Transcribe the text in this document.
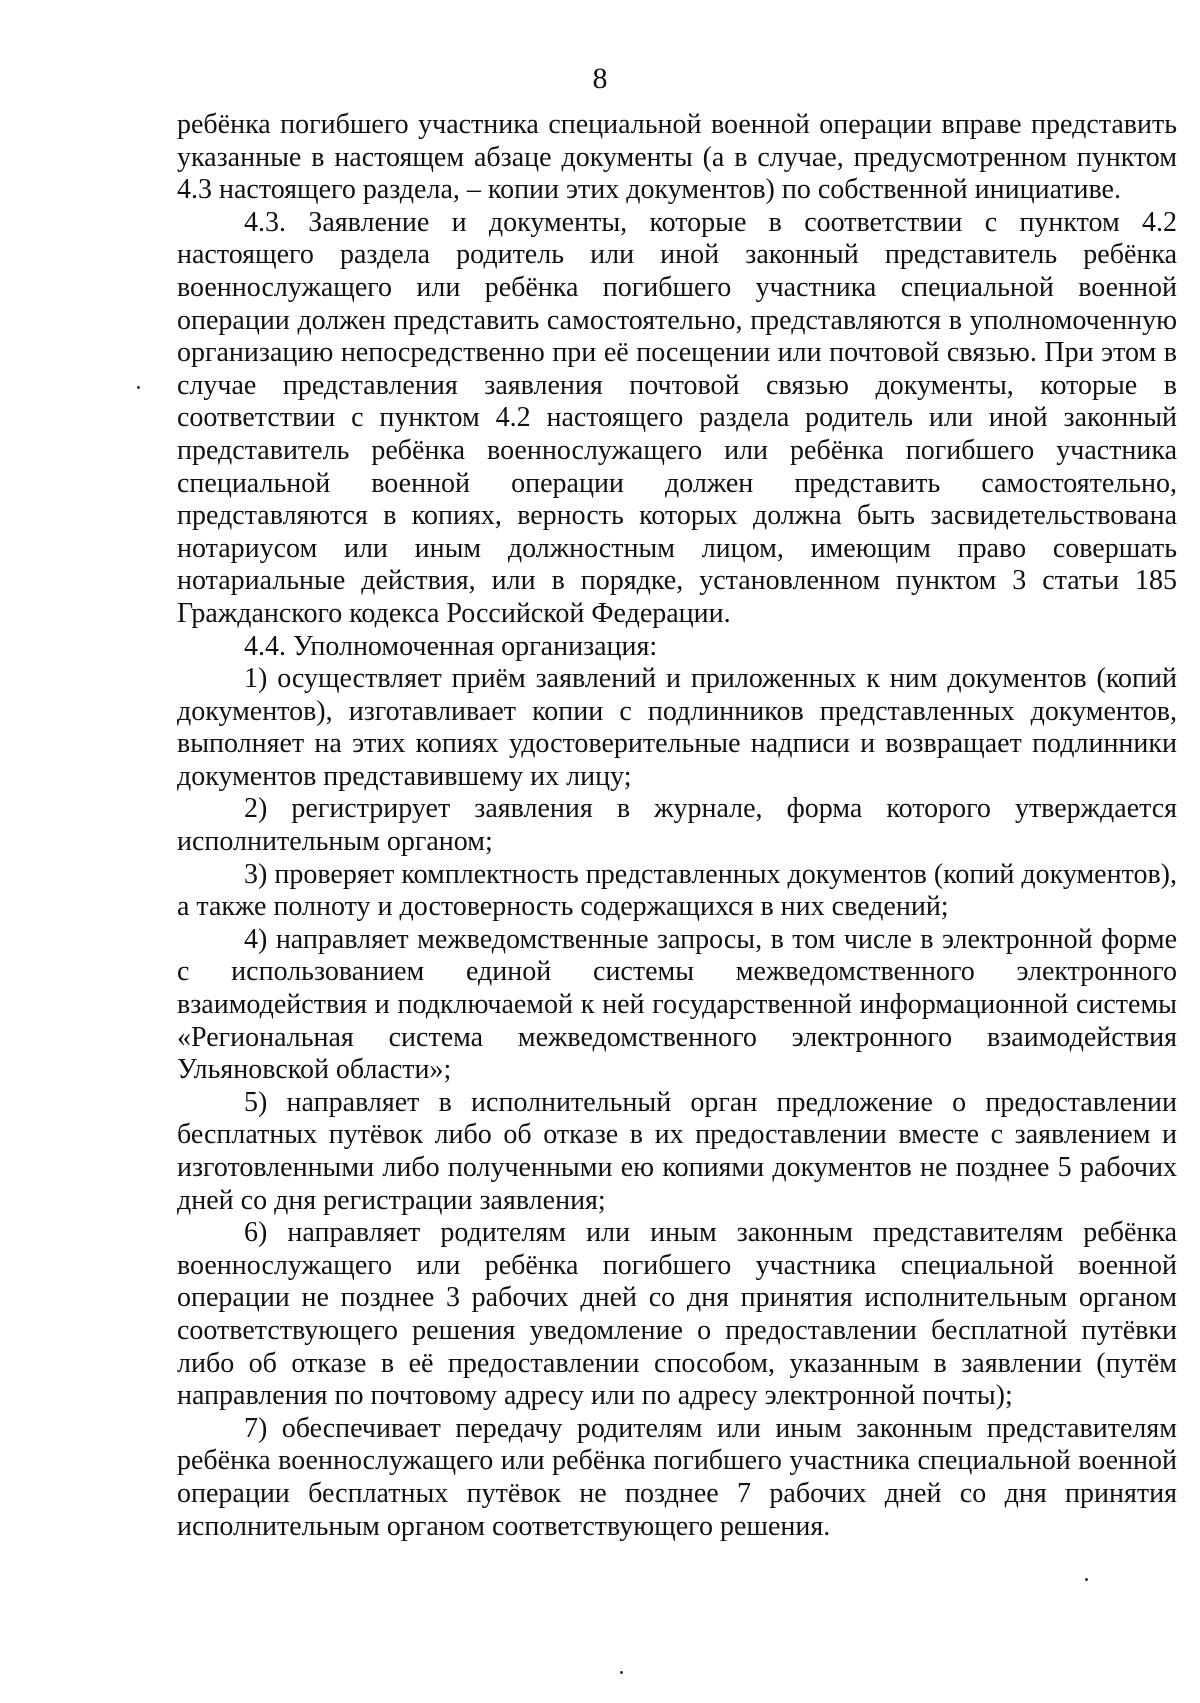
8

ребёнка погибшего участника специальной военной операции вправе представить указанные в настоящем абзаце документы (а в случае, предусмотренном пунктом 4.3 настоящего раздела, – копии этих документов) по собственной инициативе.

4.3. Заявление и документы, которые в соответствии с пунктом 4.2 настоящего раздела родитель или иной законный представитель ребёнка военнослужащего или ребёнка погибшего участника специальной военной операции должен представить самостоятельно, представляются в уполномоченную организацию непосредственно при её посещении или почтовой связью. При этом в случае представления заявления почтовой связью документы, которые в соответствии с пунктом 4.2 настоящего раздела родитель или иной законный представитель ребёнка военнослужащего или ребёнка погибшего участника специальной военной операции должен представить самостоятельно, представляются в копиях, верность которых должна быть засвидетельствована нотариусом или иным должностным лицом, имеющим право совершать нотариальные действия, или в порядке, установленном пунктом 3 статьи 185 Гражданского кодекса Российской Федерации.

4.4. Уполномоченная организация:

1) осуществляет приём заявлений и приложенных к ним документов (копий документов), изготавливает копии с подлинников представленных документов, выполняет на этих копиях удостоверительные надписи и возвращает подлинники документов представившему их лицу;

2) регистрирует заявления в журнале, форма которого утверждается исполнительным органом;

3) проверяет комплектность представленных документов (копий документов), а также полноту и достоверность содержащихся в них сведений;

4) направляет межведомственные запросы, в том числе в электронной форме с использованием единой системы межведомственного электронного взаимодействия и подключаемой к ней государственной информационной системы «Региональная система межведомственного электронного взаимодействия Ульяновской области»;

5) направляет в исполнительный орган предложение о предоставлении бесплатных путёвок либо об отказе в их предоставлении вместе с заявлением и изготовленными либо полученными ею копиями документов не позднее 5 рабочих дней со дня регистрации заявления;

6) направляет родителям или иным законным представителям ребёнка военнослужащего или ребёнка погибшего участника специальной военной операции не позднее 3 рабочих дней со дня принятия исполнительным органом соответствующего решения уведомление о предоставлении бесплатной путёвки либо об отказе в её предоставлении способом, указанным в заявлении (путём направления по почтовому адресу или по адресу электронной почты);

7) обеспечивает передачу родителям или иным законным представителям ребёнка военнослужащего или ребёнка погибшего участника специальной военной операции бесплатных путёвок не позднее 7 рабочих дней со дня принятия исполнительным органом соответствующего решения.
